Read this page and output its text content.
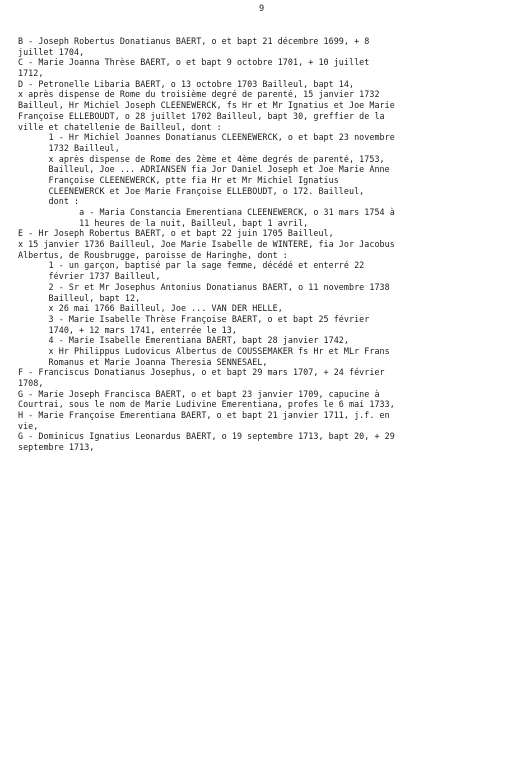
9
B - Joseph Robertus Donatianus BAERT, o et bapt 21 décembre 1699, + 8
juillet 1704,
C - Marie Joanna Thrèse BAERT, o et bapt 9 octobre 1701, + 10 juillet
1712,
D - Petronelle Libaria BAERT, o 13 octobre 1703 Bailleul, bapt 14,
x après dispense de Rome du troisième degré de parenté, 15 janvier 1732
Bailleul, Hr Michiel Joseph CLEENEWERCK, fs Hr et Mr Ignatius et Joe Marie
Françoise ELLEBOUDT, o 28 juillet 1702 Bailleul, bapt 30, greffier de la
ville et chatellenie de Bailleul, dont :
1 - Hr Michiel Joannes Donatianus CLEENEWERCK, o et bapt 23 novembre
1732 Bailleul,
x après dispense de Rome des 2ème et 4ème degrés de parenté, 1753,
Bailleul, Joe ... ADRIANSEN fia Jor Daniel Joseph et Joe Marie Anne
Françoise CLEENEWERCK, ptte fia Hr et Mr Michiel Ignatius
CLEENEWERCK et Joe Marie Françoise ELLEBOUDT, o 172. Bailleul,
dont :
a - Maria Constancia Emerentiana CLEENEWERCK, o 31 mars 1754 à
11 heures de la nuit, Bailleul, bapt 1 avril,
E - Hr Joseph Robertus BAERT, o et bapt 22 juin 1705 Bailleul,
x 15 janvier 1736 Bailleul, Joe Marie Isabelle de WINTERE, fia Jor Jacobus
Albertus, de Rousbrugge, paroisse de Haringhe, dont :
1 - un garçon, baptisé par la sage femme, décédé et enterré 22
février 1737 Bailleul,
2 - Sr et Mr Josephus Antonius Donatianus BAERT, o 11 novembre 1738
Bailleul, bapt 12,
x 26 mai 1766 Bailleul, Joe ... VAN DER HELLE,
3 - Marie Isabelle Thrèse Françoise BAERT, o et bapt 25 février
1740, + 12 mars 1741, enterrée le 13,
4 - Marie Isabelle Emerentiana BAERT, bapt 28 janvier 1742,
x Hr Philippus Ludovicus Albertus de COUSSEMAKER fs Hr et MLr Frans
Romanus et Marie Joanna Theresia SENNESAEL,
F - Franciscus Donatianus Josephus, o et bapt 29 mars 1707, + 24 février
1708,
G - Marie Joseph Francisca BAERT, o et bapt 23 janvier 1709, capucine à
Courtrai, sous le nom de Marie Ludivine Emerentiana, profes le 6 mai 1733,
H - Marie Françoise Emerentiana BAERT, o et bapt 21 janvier 1711, j.f. en
vie,
G - Dominicus Ignatius Leonardus BAERT, o 19 septembre 1713, bapt 20, + 29
septembre 1713,
